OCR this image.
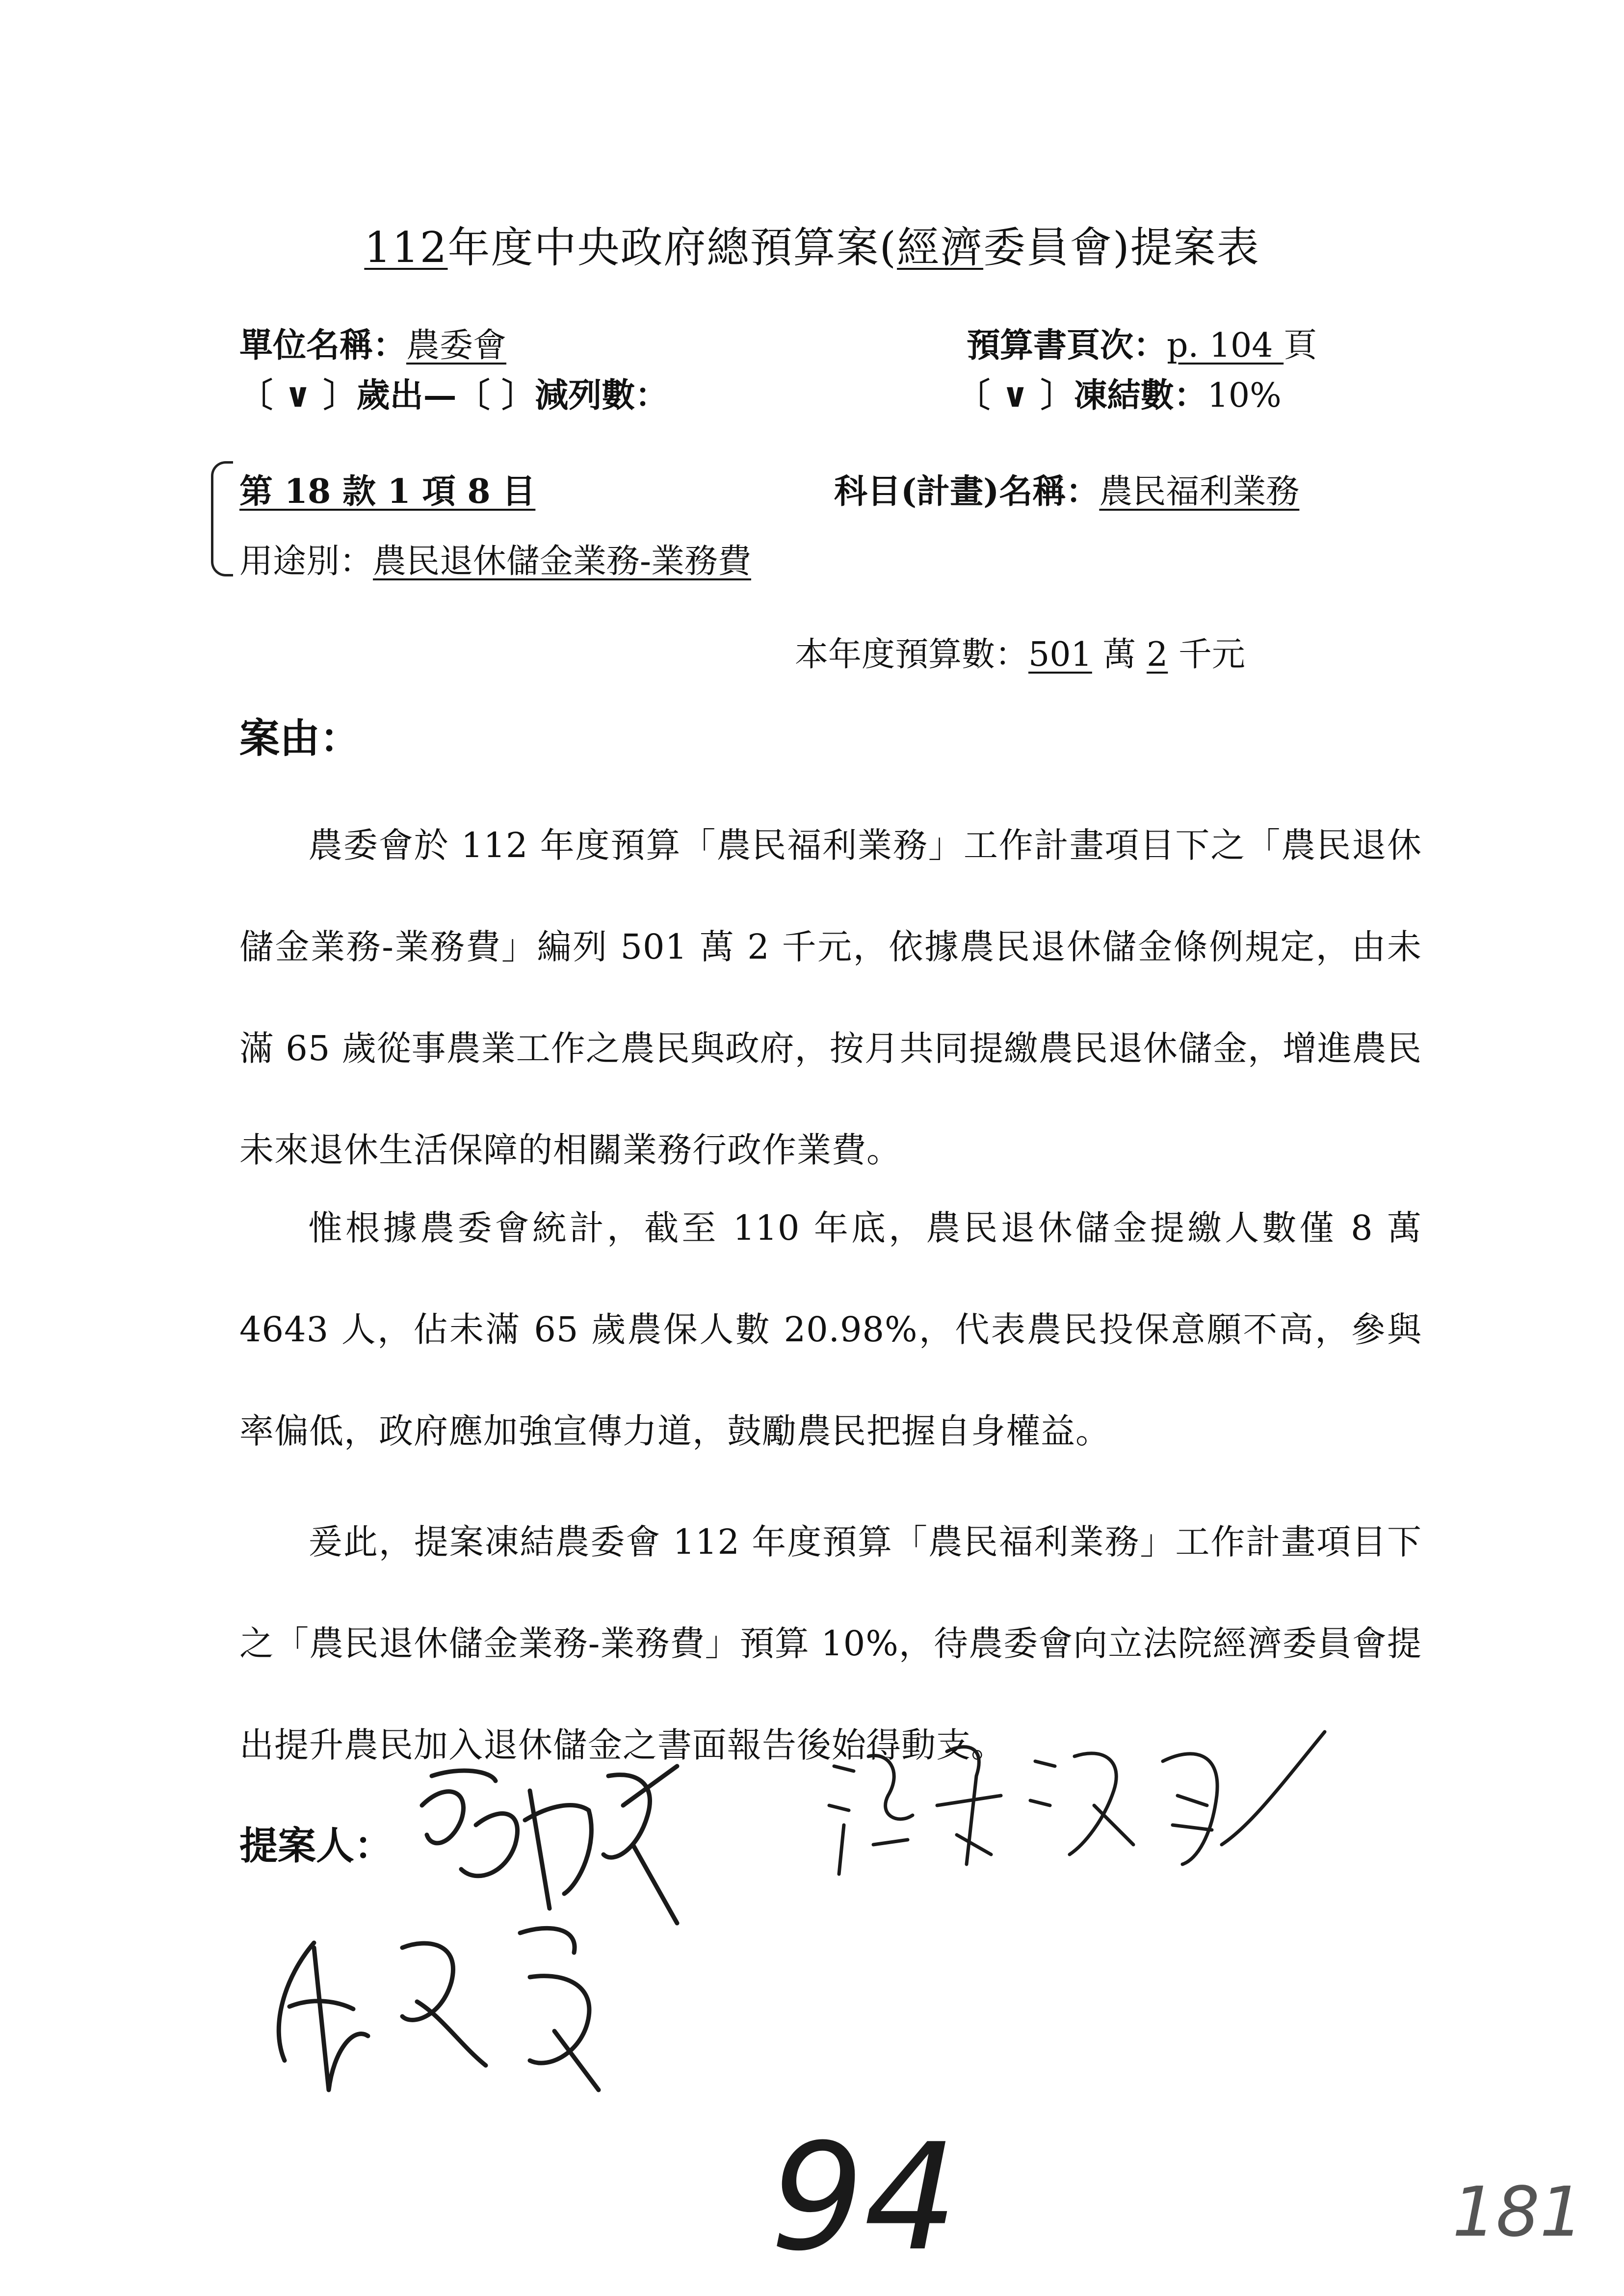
112年度中央政府總預算案(經濟委員會)提案表
單位名稱：農委會	預算書頁次：p. 104 頁
〔 ∨ 〕歲出—〔 〕減列數：	〔 ∨ 〕凍結數：10%
第 18 款 1 項 8 目	科目(計畫)名稱：農民福利業務
用途別：農民退休儲金業務-業務費
本年度預算數：501 萬 2 千元
案由：

農委會於 112 年度預算「農民福利業務」工作計畫項目下之「農民退休儲金業務-業務費」編列 501 萬 2 千元，依據農民退休儲金條例規定，由未滿 65 歲從事農業工作之農民與政府，按月共同提繳農民退休儲金，增進農民未來退休生活保障的相關業務行政作業費。

惟根據農委會統計，截至 110 年底，農民退休儲金提繳人數僅 8 萬 4643 人，佔未滿 65 歲農保人數 20.98%，代表農民投保意願不高，參與率偏低，政府應加強宣傳力道，鼓勵農民把握自身權益。

爰此，提案凍結農委會 112 年度預算「農民福利業務」工作計畫項目下之「農民退休儲金業務-業務費」預算 10%，待農委會向立法院經濟委員會提出提升農民加入退休儲金之書面報告後始得動支。

提案人：
94	181
